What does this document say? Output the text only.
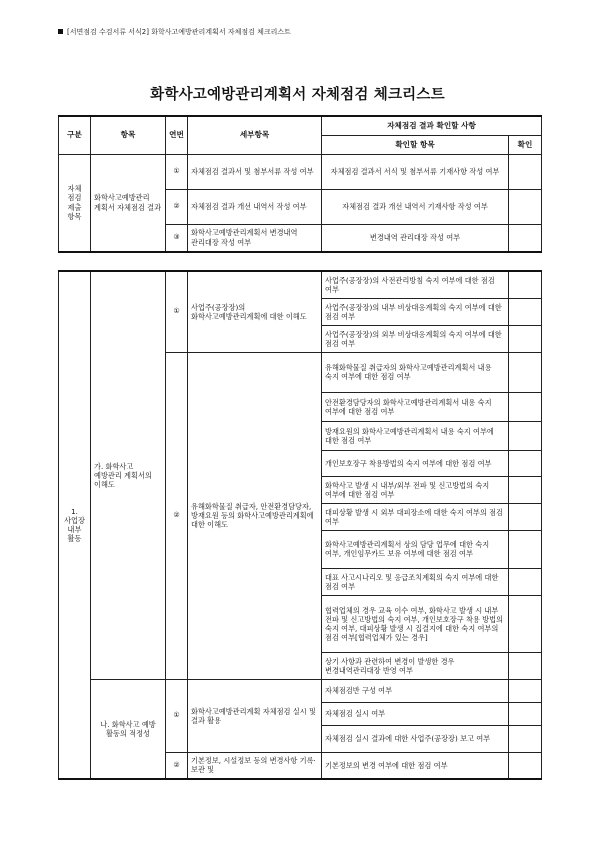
[서면점검 수검서류 서식2] 화학사고예방관리계획서 자체점검 체크리스트
화학사고예방관리계획서 자체점검 체크리스트
구분	항목	연번	세부항목	자체점검 결과 확인할 사항	
				확인할 항목	확인
자체 점검 제출 항목	화학사고예방관리 계획서 자체점검 결과	①	자체점검 결과서 및 첨부서류 작성 여부	자체점검 결과서 서식 및 첨부서류 기재사항 작성 여부	
		②	자체점검 결과 개선 내역서 작성 여부	자체점검 결과 개선 내역서 기재사항 작성 여부	
		③	화학사고예방관리계획서 변경내역 관리대장 작성 여부	변경내역 관리대장 작성 여부	
1. 사업장 내부 활동	가. 화학사고 예방관리 계획서의 이해도	①	사업주(공장장)의 화학사고예방관리계획에 대한 이해도	사업주(공장장)의 사전관리방침 숙지 여부에 대한 점검 여부	
				사업주(공장장)의 내부 비상대응계획의 숙지 여부에 대한 점검 여부	
				사업주(공장장)의 외부 비상대응계획의 숙지 여부에 대한 점검 여부	
		②	유해화학물질 취급자, 안전환경담당자, 방재요원 등의 화학사고예방관리계획에 대한 이해도	유해화학물질 취급자의 화학사고예방관리계획서 내용 숙지 여부에 대한 점검 여부	
				안전환경담당자의 화학사고예방관리계획서 내용 숙지 여부에 대한 점검 여부	
				방재요원의 화학사고예방관리계획서 내용 숙지 여부에 대한 점검 여부	
				개인보호장구 착용방법의 숙지 여부에 대한 점검 여부	
				화학사고 발생 시 내부/외부 전파 및 신고방법의 숙지 여부에 대한 점검 여부	
				대피상황 발생 시 외부 대피장소에 대한 숙지 여부의 점검 여부	
				화학사고예방관리계획서 상의 담당 업무에 대한 숙지 여부, 개인임무카드 보유 여부에 대한 점검 여부	
				대표 사고시나리오 및 응급조치계획의 숙지 여부에 대한 점검 여부	
				협력업체의 경우 교육 이수 여부, 화학사고 발생 시 내부 전파 및 신고방법의 숙지 여부, 개인보호장구 착용 방법의 숙지 여부, 대피상황 발생 시 집결지에 대한 숙지 여부의 점검 여부[협력업체가 있는 경우]	
				상기 사항과 관련하여 변경이 발생한 경우 변경내역관리대장 반영 여부	
	나. 화학사고 예방 활동의 적정성	①	화학사고예방관리계획 자체점검 실시 및 결과 활용	자체점검반 구성 여부	
				자체점검 실시 여부	
				자체점검 실시 결과에 대한 사업주(공장장) 보고 여부	
		②	기본정보, 시설정보 등의 변경사항 기록·보관 및	기본정보의 변경 여부에 대한 점검 여부	
